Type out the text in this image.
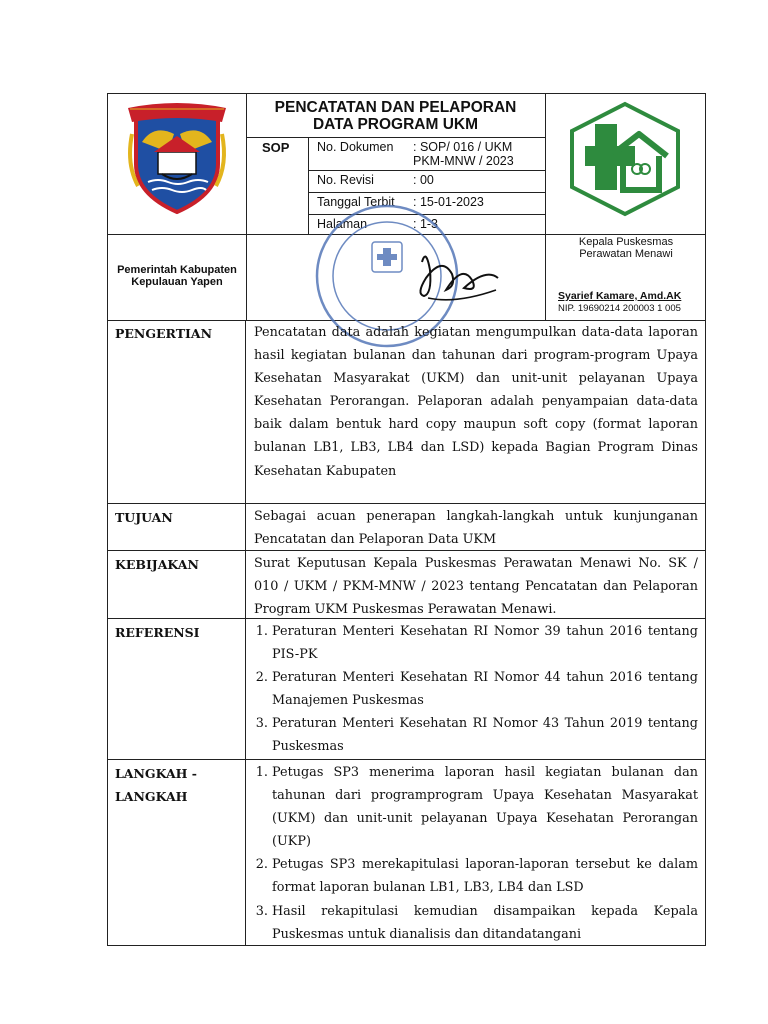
PENCATATAN DAN PELAPORAN
DATA PROGRAM UKM
SOP No. Dokumen : SOP/ 016 / UKM
PKM-MNW / 2023
No. Revisi	: 00
Tanggal Terbit : 15-01-2023
Halaman	: 1-3
Pemerintah Kabupaten
Kepulauan Yapen
Kepala Puskesmas
Perawatan Menawi
Syarief Kamare, Amd.AK
NIP. 19690214 200003 1 005
PENGERTIAN	Pencatatan data adalah kegiatan mengumpulkan data-data laporan hasil kegiatan bulanan dan tahunan dari program-program Upaya Kesehatan Masyarakat (UKM) dan unit-unit pelayanan Upaya Kesehatan Perorangan. Pelaporan adalah penyampaian data-data baik dalam bentuk hard copy maupun soft copy (format laporan bulanan LB1, LB3, LB4 dan LSD) kepada Bagian Program Dinas Kesehatan Kabupaten
TUJUAN	Sebagai acuan penerapan langkah-langkah untuk kunjunganan Pencatatan dan Pelaporan Data UKM
KEBIJAKAN	Surat Keputusan Kepala Puskesmas Perawatan Menawi No. SK / 010 / UKM / PKM-MNW / 2023 tentang Pencatatan dan Pelaporan Program UKM Puskesmas Perawatan Menawi.
REFERENSI
1.	Peraturan Menteri Kesehatan RI Nomor 39 tahun 2016 tentang PIS-PK
2. Peraturan Menteri Kesehatan RI Nomor 44 tahun 2016 tentang Manajemen Puskesmas
3. Peraturan Menteri Kesehatan RI Nomor 43 Tahun 2019 tentang Puskesmas
LANGKAH -
LANGKAH
1. Petugas SP3 menerima laporan hasil kegiatan bulanan dan tahunan dari programprogram Upaya Kesehatan Masyarakat (UKM) dan unit-unit pelayanan Upaya Kesehatan Perorangan (UKP)
2. Petugas SP3 merekapitulasi laporan-laporan tersebut ke dalam format laporan bulanan LB1, LB3, LB4 dan LSD
3. Hasil rekapitulasi kemudian disampaikan kepada Kepala Puskesmas untuk dianalisis dan ditandatangani
